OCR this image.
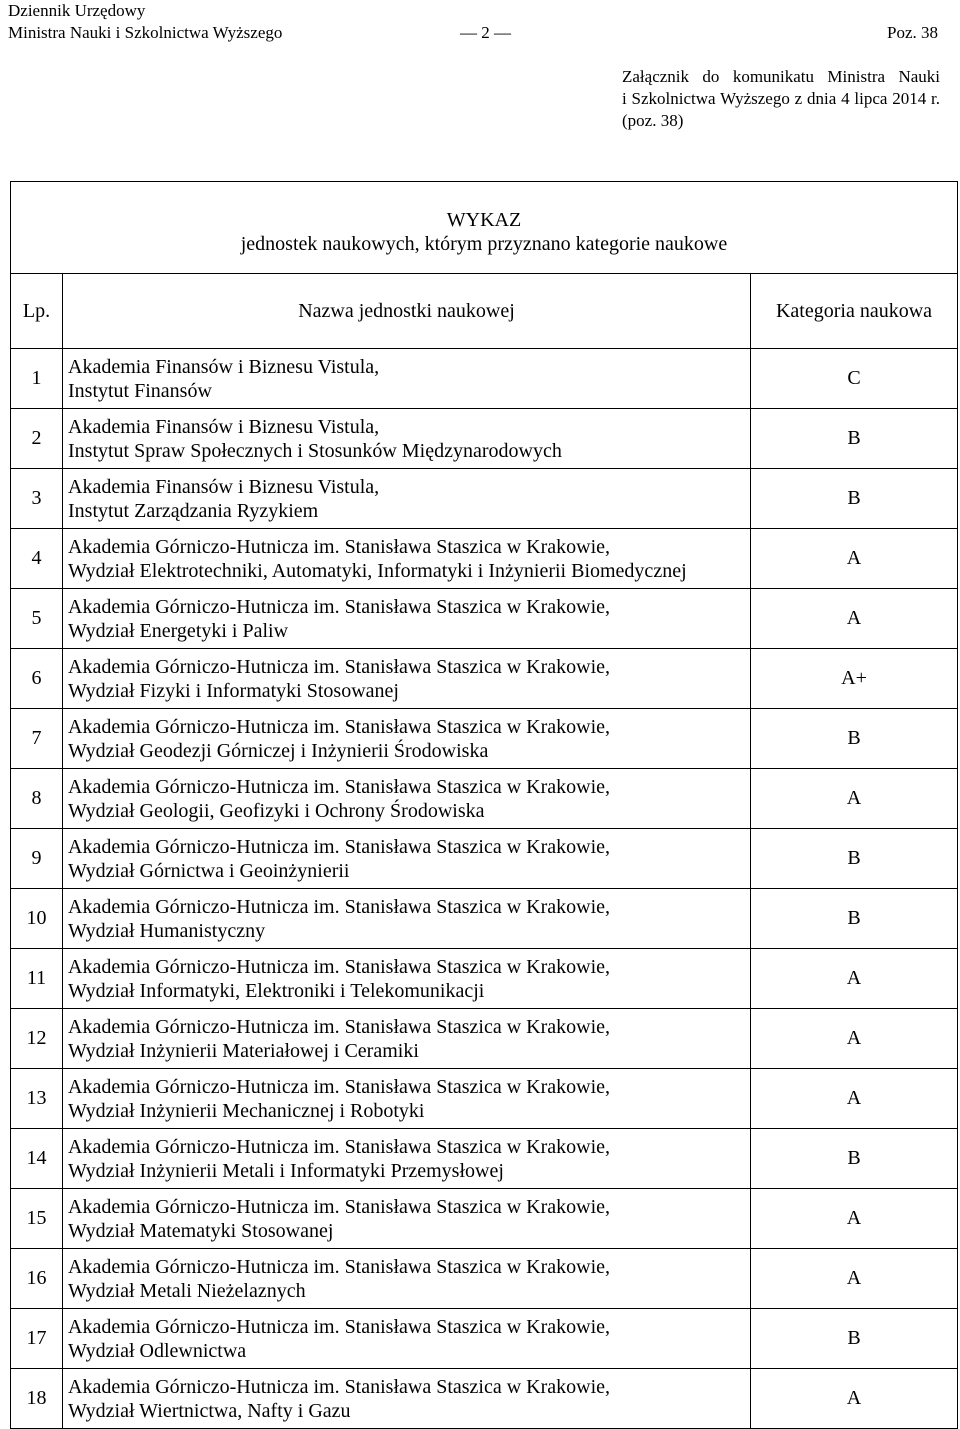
Dziennik Urzędowy
Ministra Nauki i Szkolnictwa Wyższego	— 2 —	Poz. 38
Załącznik do komunikatu Ministra Nauki
i Szkolnictwa Wyższego z dnia 4 lipca 2014 r.
(poz. 38)
WYKAZ
jednostek naukowych, którym przyznano kategorie naukowe
Lp.	Nazwa jednostki naukowej	Kategoria naukowa
1	Akademia Finansów i Biznesu Vistula,
Instytut Finansów	C
2	Akademia Finansów i Biznesu Vistula,
Instytut Spraw Społecznych i Stosunków Międzynarodowych	B
3	Akademia Finansów i Biznesu Vistula,
Instytut Zarządzania Ryzykiem	B
4	Akademia Górniczo-Hutnicza im. Stanisława Staszica w Krakowie,
Wydział Elektrotechniki, Automatyki, Informatyki i Inżynierii Biomedycznej	A
5	Akademia Górniczo-Hutnicza im. Stanisława Staszica w Krakowie,
Wydział Energetyki i Paliw	A
6	Akademia Górniczo-Hutnicza im. Stanisława Staszica w Krakowie,
Wydział Fizyki i Informatyki Stosowanej	A+
7	Akademia Górniczo-Hutnicza im. Stanisława Staszica w Krakowie,
Wydział Geodezji Górniczej i Inżynierii Środowiska	B
8	Akademia Górniczo-Hutnicza im. Stanisława Staszica w Krakowie,
Wydział Geologii, Geofizyki i Ochrony Środowiska	A
9	Akademia Górniczo-Hutnicza im. Stanisława Staszica w Krakowie,
Wydział Górnictwa i Geoinżynierii	B
10	Akademia Górniczo-Hutnicza im. Stanisława Staszica w Krakowie,
Wydział Humanistyczny	B
11	Akademia Górniczo-Hutnicza im. Stanisława Staszica w Krakowie,
Wydział Informatyki, Elektroniki i Telekomunikacji	A
12	Akademia Górniczo-Hutnicza im. Stanisława Staszica w Krakowie,
Wydział Inżynierii Materiałowej i Ceramiki	A
13	Akademia Górniczo-Hutnicza im. Stanisława Staszica w Krakowie,
Wydział Inżynierii Mechanicznej i Robotyki	A
14	Akademia Górniczo-Hutnicza im. Stanisława Staszica w Krakowie,
Wydział Inżynierii Metali i Informatyki Przemysłowej	B
15	Akademia Górniczo-Hutnicza im. Stanisława Staszica w Krakowie,
Wydział Matematyki Stosowanej	A
16	Akademia Górniczo-Hutnicza im. Stanisława Staszica w Krakowie,
Wydział Metali Nieżelaznych	A
17	Akademia Górniczo-Hutnicza im. Stanisława Staszica w Krakowie,
Wydział Odlewnictwa	B
18	Akademia Górniczo-Hutnicza im. Stanisława Staszica w Krakowie,
Wydział Wiertnictwa, Nafty i Gazu	A
